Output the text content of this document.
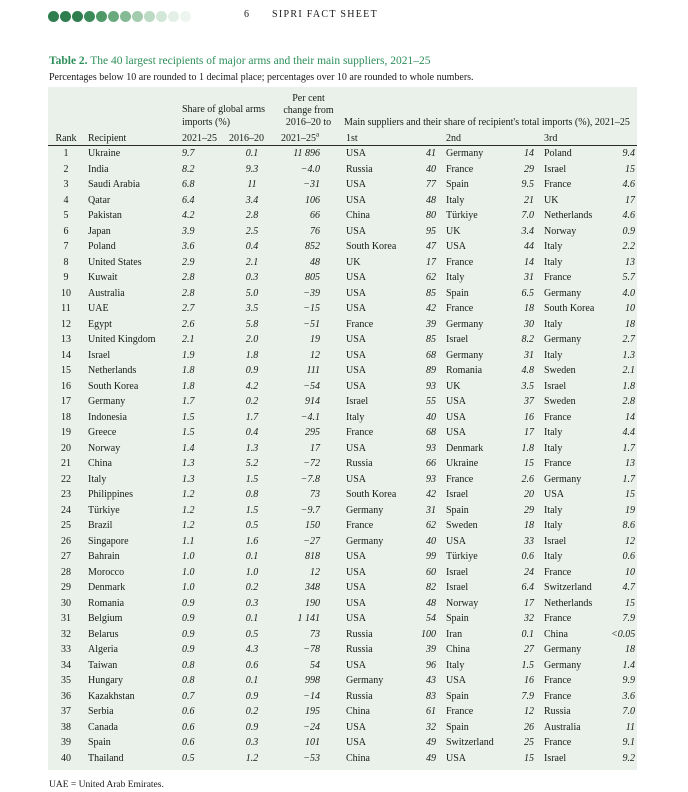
6 SIPRI FACT SHEET
Table 2. The 40 largest recipients of major arms and their main suppliers, 2021–25
Percentages below 10 are rounded to 1 decimal place; percentages over 10 are rounded to whole numbers.
		Share of global arms imports (%)		Per cent change from 2016–20 to	Main suppliers and their share of recipient's total imports (%), 2021–25					
Rank	Recipient	2021–25	2016–20	2021–25$^a$	1st		2nd		3rd	
1	Ukraine	9.7	0.1	11 896	USA	41	Germany	14	Poland	9.4
2	India	8.2	9.3	−4.0	Russia	40	France	29	Israel	15
3	Saudi Arabia	6.8	11	−31	USA	77	Spain	9.5	France	4.6
4	Qatar	6.4	3.4	106	USA	48	Italy	21	UK	17
5	Pakistan	4.2	2.8	66	China	80	Türkiye	7.0	Netherlands	4.6
6	Japan	3.9	2.5	76	USA	95	UK	3.4	Norway	0.9
7	Poland	3.6	0.4	852	South Korea	47	USA	44	Italy	2.2
8	United States	2.9	2.1	48	UK	17	France	14	Italy	13
9	Kuwait	2.8	0.3	805	USA	62	Italy	31	France	5.7
10	Australia	2.8	5.0	−39	USA	85	Spain	6.5	Germany	4.0
11	UAE	2.7	3.5	−15	USA	42	France	18	South Korea	10
12	Egypt	2.6	5.8	−51	France	39	Germany	30	Italy	18
13	United Kingdom	2.1	2.0	19	USA	85	Israel	8.2	Germany	2.7
14	Israel	1.9	1.8	12	USA	68	Germany	31	Italy	1.3
15	Netherlands	1.8	0.9	111	USA	89	Romania	4.8	Sweden	2.1
16	South Korea	1.8	4.2	−54	USA	93	UK	3.5	Israel	1.8
17	Germany	1.7	0.2	914	Israel	55	USA	37	Sweden	2.8
18	Indonesia	1.5	1.7	−4.1	Italy	40	USA	16	France	14
19	Greece	1.5	0.4	295	France	68	USA	17	Italy	4.4
20	Norway	1.4	1.3	17	USA	93	Denmark	1.8	Italy	1.7
21	China	1.3	5.2	−72	Russia	66	Ukraine	15	France	13
22	Italy	1.3	1.5	−7.8	USA	93	France	2.6	Germany	1.7
23	Philippines	1.2	0.8	73	South Korea	42	Israel	20	USA	15
24	Türkiye	1.2	1.5	−9.7	Germany	31	Spain	29	Italy	19
25	Brazil	1.2	0.5	150	France	62	Sweden	18	Italy	8.6
26	Singapore	1.1	1.6	−27	Germany	40	USA	33	Israel	12
27	Bahrain	1.0	0.1	818	USA	99	Türkiye	0.6	Italy	0.6
28	Morocco	1.0	1.0	12	USA	60	Israel	24	France	10
29	Denmark	1.0	0.2	348	USA	82	Israel	6.4	Switzerland	4.7
30	Romania	0.9	0.3	190	USA	48	Norway	17	Netherlands	15
31	Belgium	0.9	0.1	1 141	USA	54	Spain	32	France	7.9
32	Belarus	0.9	0.5	73	Russia	100	Iran	0.1	China	<0.05
33	Algeria	0.9	4.3	−78	Russia	39	China	27	Germany	18
34	Taiwan	0.8	0.6	54	USA	96	Italy	1.5	Germany	1.4
35	Hungary	0.8	0.1	998	Germany	43	USA	16	France	9.9
36	Kazakhstan	0.7	0.9	−14	Russia	83	Spain	7.9	France	3.6
37	Serbia	0.6	0.2	195	China	61	France	12	Russia	7.0
38	Canada	0.6	0.9	−24	USA	32	Spain	26	Australia	11
39	Spain	0.6	0.3	101	USA	49	Switzerland	25	France	9.1
40	Thailand	0.5	1.2	−53	China	49	USA	15	Israel	9.2
UAE = United Arab Emirates.
